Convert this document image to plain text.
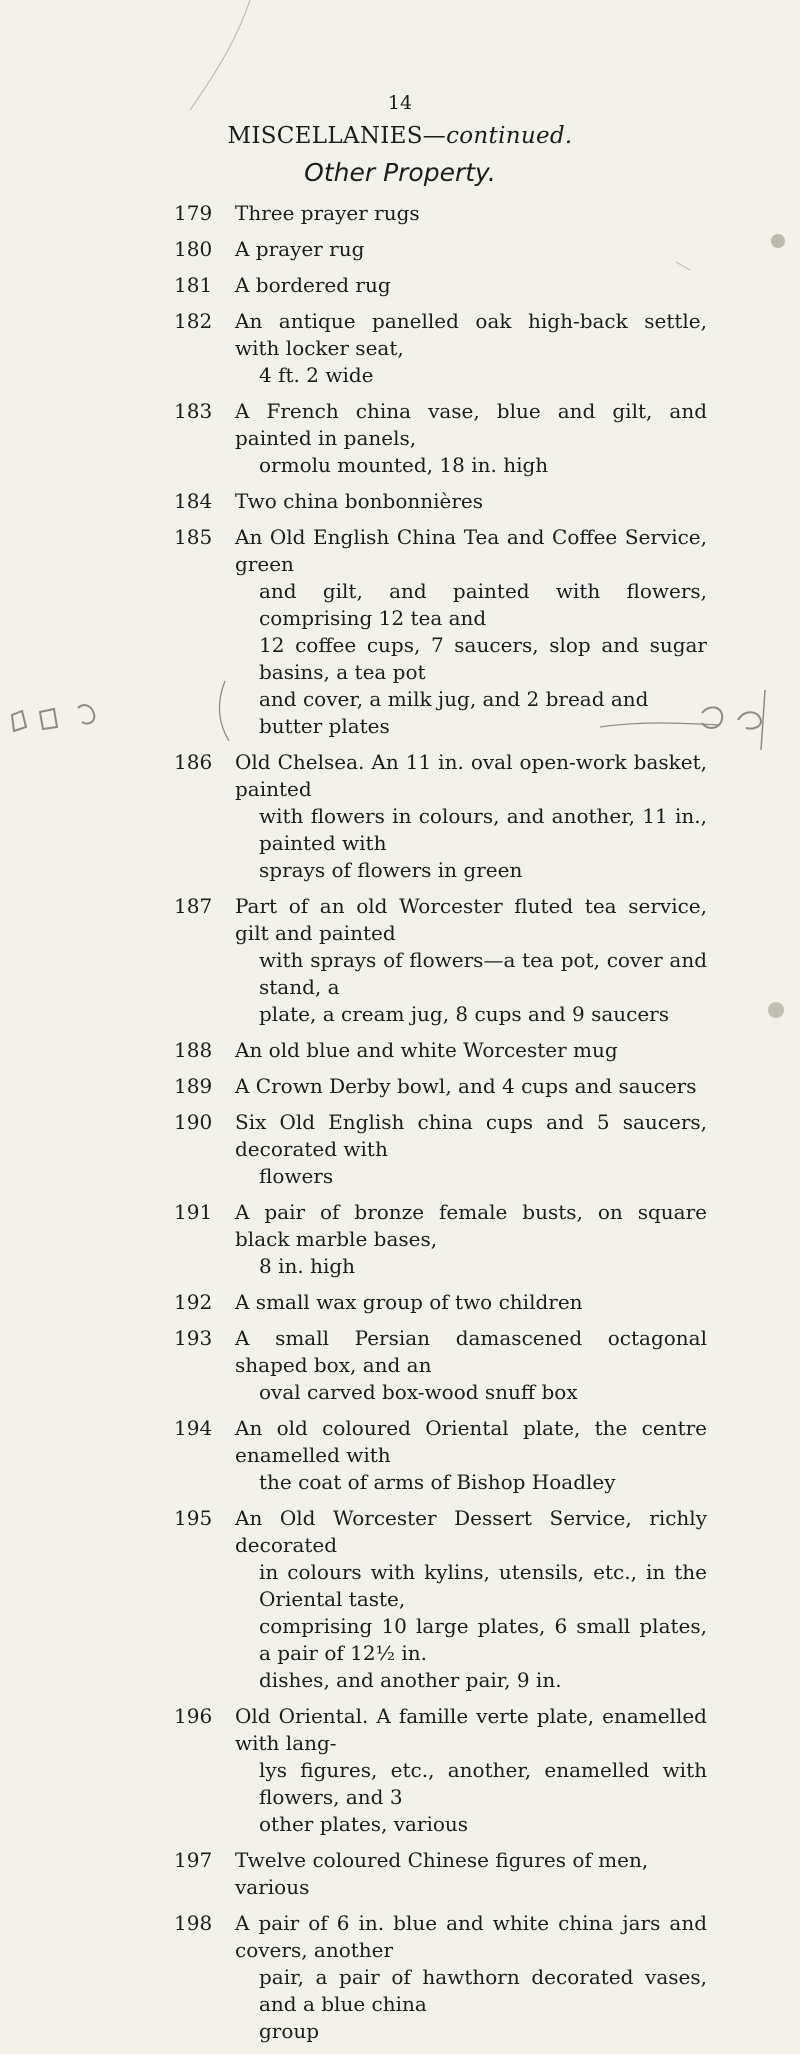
14
MISCELLANIES—continued.
Other Property.
179	Three prayer rugs
180	A prayer rug
181	A bordered rug
182	An antique panelled oak high-back settle, with locker seat,
4 ft. 2 wide
183	A French china vase, blue and gilt, and painted in panels,
ormolu mounted, 18 in. high
184	Two china bonbonnières
185	An Old English China Tea and Coffee Service, green
and gilt, and painted with flowers, comprising 12 tea and
12 coffee cups, 7 saucers, slop and sugar basins, a tea pot
and cover, a milk jug, and 2 bread and butter plates
186	Old Chelsea. An 11 in. oval open-work basket, painted
with flowers in colours, and another, 11 in., painted with
sprays of flowers in green
187	Part of an old Worcester fluted tea service, gilt and painted
with sprays of flowers—a tea pot, cover and stand, a
plate, a cream jug, 8 cups and 9 saucers
188	An old blue and white Worcester mug
189	A Crown Derby bowl, and 4 cups and saucers
190	Six Old English china cups and 5 saucers, decorated with
flowers
191	A pair of bronze female busts, on square black marble bases,
8 in. high
192	A small wax group of two children
193	A small Persian damascened octagonal shaped box, and an
oval carved box-wood snuff box
194	An old coloured Oriental plate, the centre enamelled with
the coat of arms of Bishop Hoadley
195	An Old Worcester Dessert Service, richly decorated
in colours with kylins, utensils, etc., in the Oriental taste,
comprising 10 large plates, 6 small plates, a pair of 12½ in.
dishes, and another pair, 9 in.
196	Old Oriental. A famille verte plate, enamelled with lang-
lys figures, etc., another, enamelled with flowers, and 3
other plates, various
197	Twelve coloured Chinese figures of men, various
198	A pair of 6 in. blue and white china jars and covers, another
pair, a pair of hawthorn decorated vases, and a blue china
group
